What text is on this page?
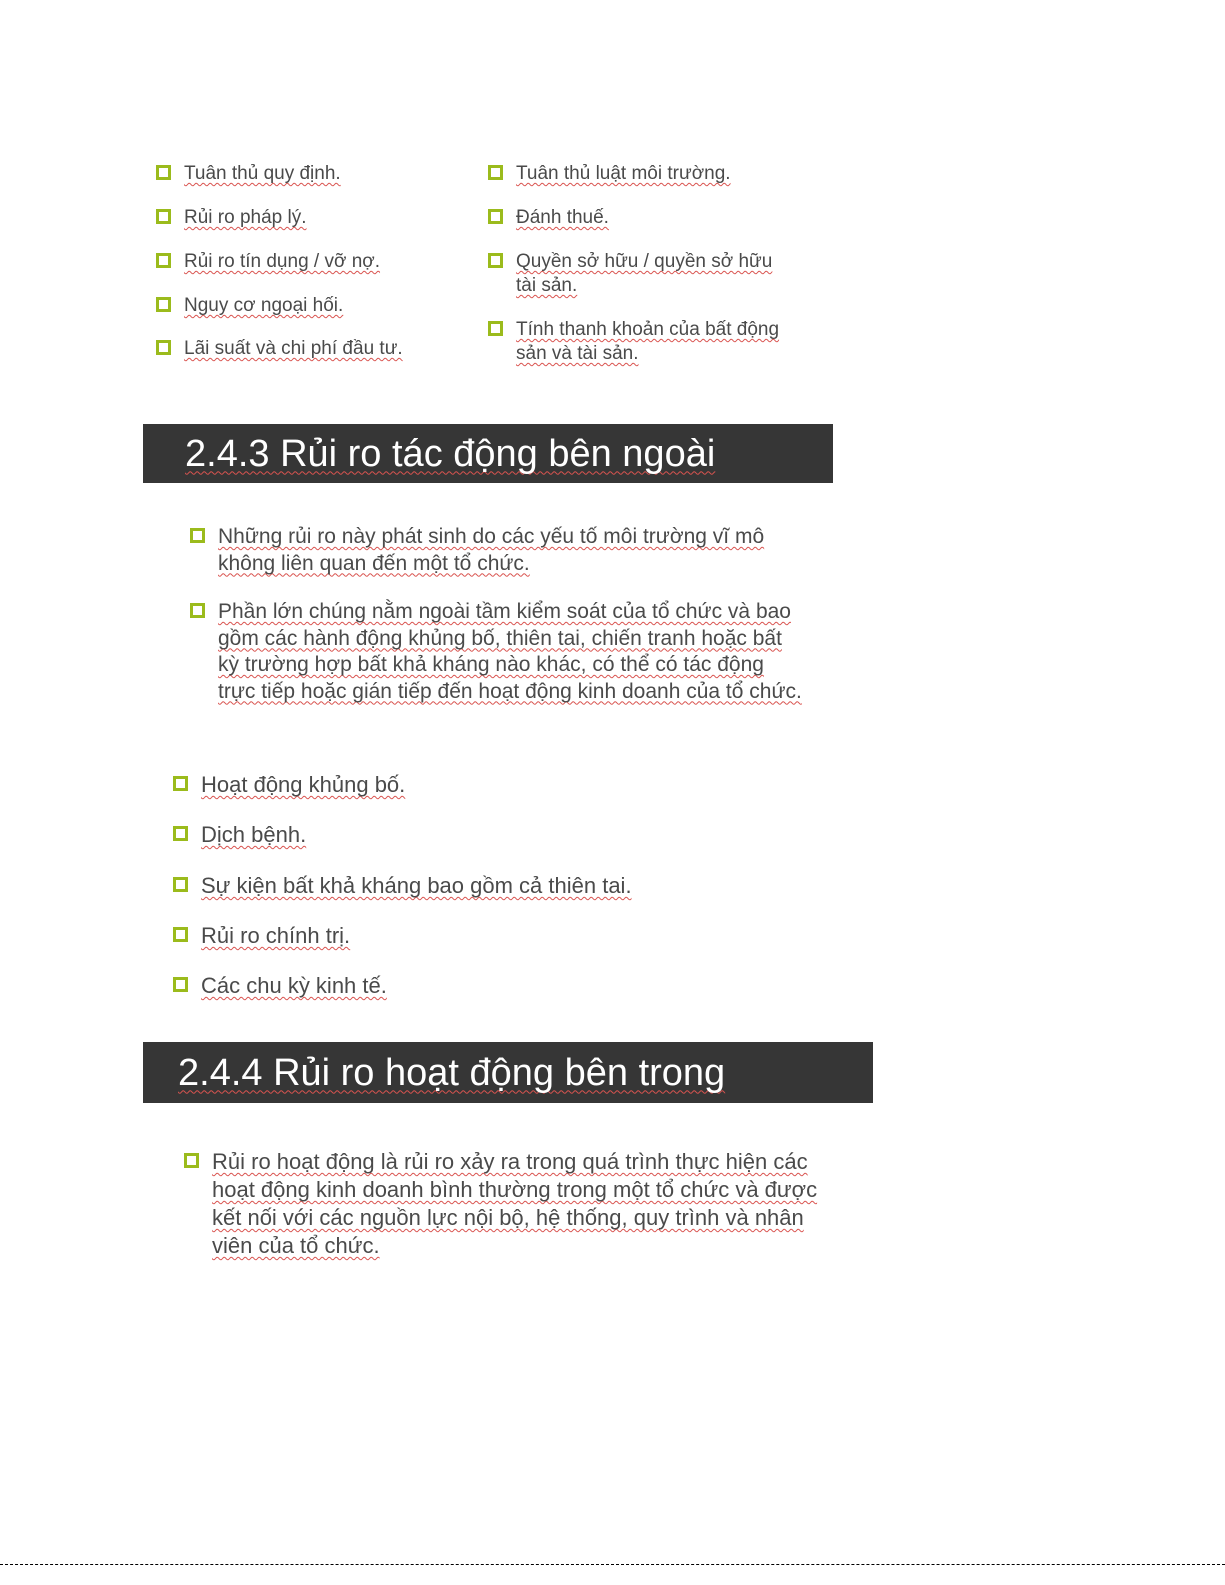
Tuân thủ quy định.
Rủi ro pháp lý.
Rủi ro tín dụng / vỡ nợ.
Nguy cơ ngoại hối.
Lãi suất và chi phí đầu tư.
Tuân thủ luật môi trường.
Đánh thuế.
Quyền sở hữu / quyền sở hữu
tài sản.
Tính thanh khoản của bất động
sản và tài sản.
2.4.3 Rủi ro tác động bên ngoài
Những rủi ro này phát sinh do các yếu tố môi trường vĩ mô
không liên quan đến một tổ chức.
Phần lớn chúng nằm ngoài tầm kiểm soát của tổ chức và bao
gồm các hành động khủng bố, thiên tai, chiến tranh hoặc bất
kỳ trường hợp bất khả kháng nào khác, có thể có tác động
trực tiếp hoặc gián tiếp đến hoạt động kinh doanh của tổ chức.
Hoạt động khủng bố.
Dịch bệnh.
Sự kiện bất khả kháng bao gồm cả thiên tai.
Rủi ro chính trị.
Các chu kỳ kinh tế.
2.4.4 Rủi ro hoạt động bên trong
Rủi ro hoạt động là rủi ro xảy ra trong quá trình thực hiện các
hoạt động kinh doanh bình thường trong một tổ chức và được
kết nối với các nguồn lực nội bộ, hệ thống, quy trình và nhân
viên của tổ chức.
